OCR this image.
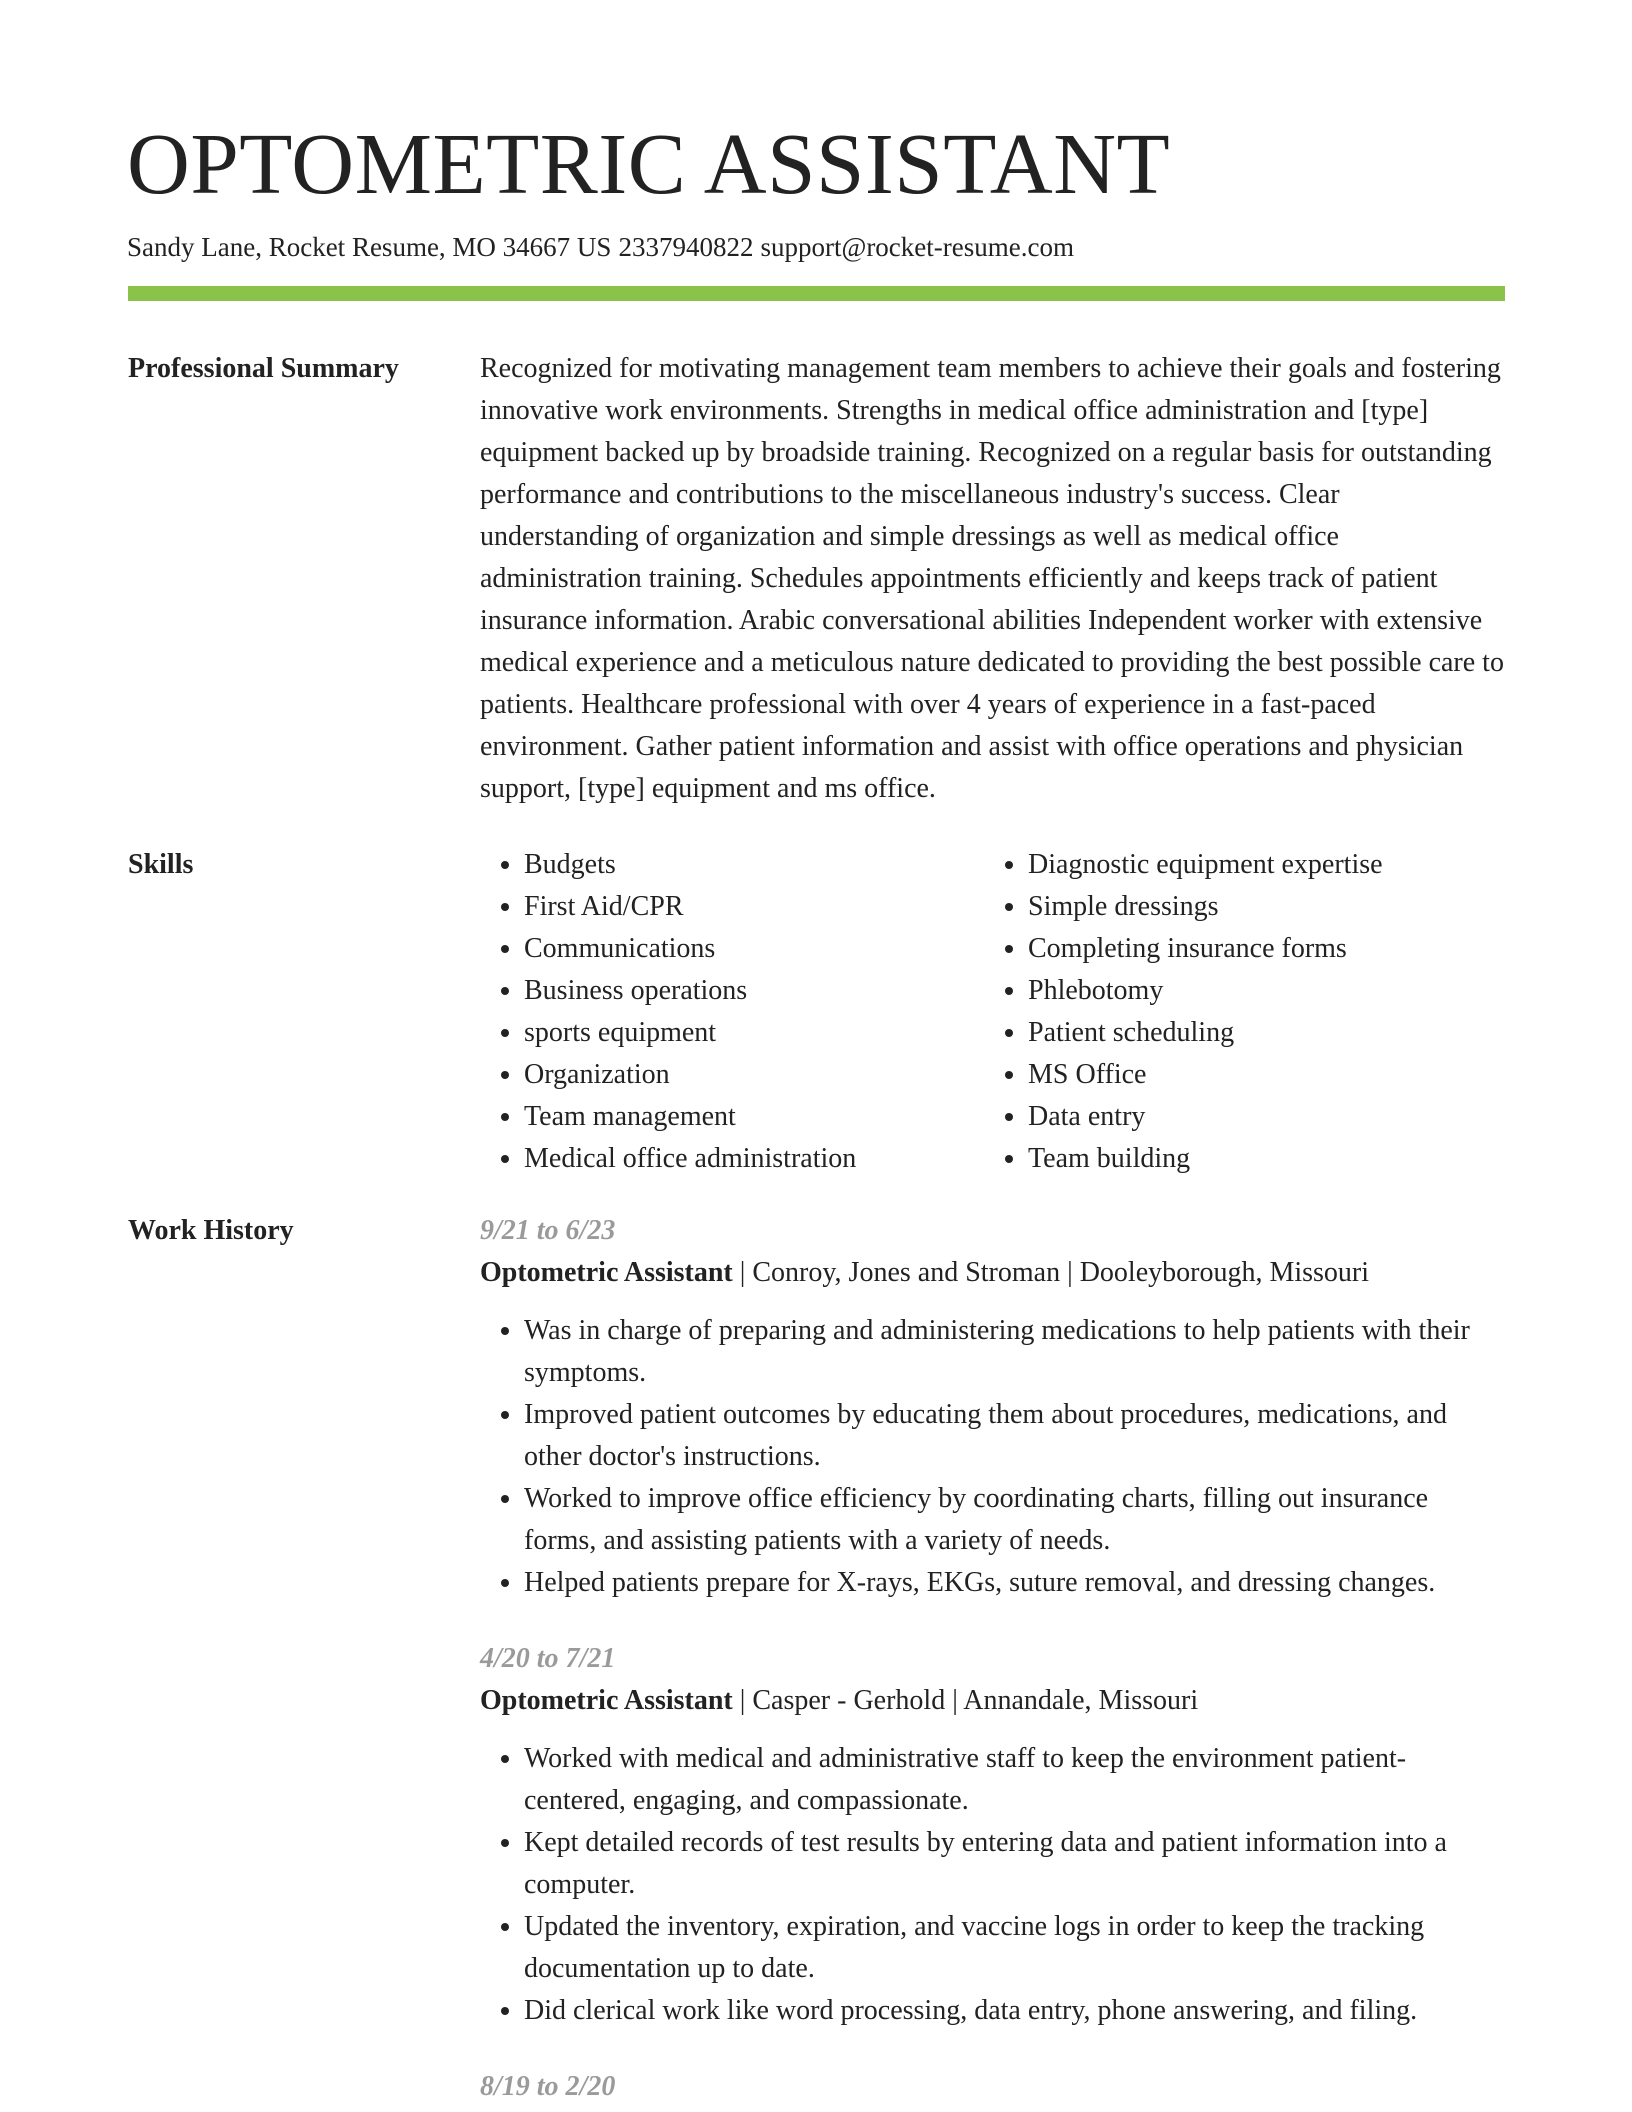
OPTOMETRIC ASSISTANT
Sandy Lane, Rocket Resume, MO 34667 US 2337940822 support@rocket-resume.com
Professional Summary	Recognized for motivating management team members to achieve their goals and fostering innovative work environments. Strengths in medical office administration and [type] equipment backed up by broadside training. Recognized on a regular basis for outstanding performance and contributions to the miscellaneous industry's success. Clear understanding of organization and simple dressings as well as medical office administration training. Schedules appointments efficiently and keeps track of patient insurance information. Arabic conversational abilities Independent worker with extensive medical experience and a meticulous nature dedicated to providing the best possible care to patients. Healthcare professional with over 4 years of experience in a fast-paced environment. Gather patient information and assist with office operations and physician support, [type] equipment and ms office.

Skills
•	Budgets
• First Aid/CPR
• Communications
• Business operations
• sports equipment
• Organization
• Team management
• Medical office administration
• Diagnostic equipment expertise
• Simple dressings
• Completing insurance forms
• Phlebotomy
• Patient scheduling
• MS Office
• Data entry
• Team building
Work History	9/21 to 6/23
Optometric Assistant | Conroy, Jones and Stroman | Dooleyborough, Missouri
• Was in charge of preparing and administering medications to help patients with their symptoms.
• Improved patient outcomes by educating them about procedures, medications, and other doctor's instructions.
• Worked to improve office efficiency by coordinating charts, filling out insurance forms, and assisting patients with a variety of needs.
• Helped patients prepare for X-rays, EKGs, suture removal, and dressing changes.
4/20 to 7/21
Optometric Assistant | Casper - Gerhold | Annandale, Missouri
• Worked with medical and administrative staff to keep the environment patient-centered, engaging, and compassionate.
• Kept detailed records of test results by entering data and patient information into a computer.
• Updated the inventory, expiration, and vaccine logs in order to keep the tracking documentation up to date.
• Did clerical work like word processing, data entry, phone answering, and filing.
8/19 to 2/20
